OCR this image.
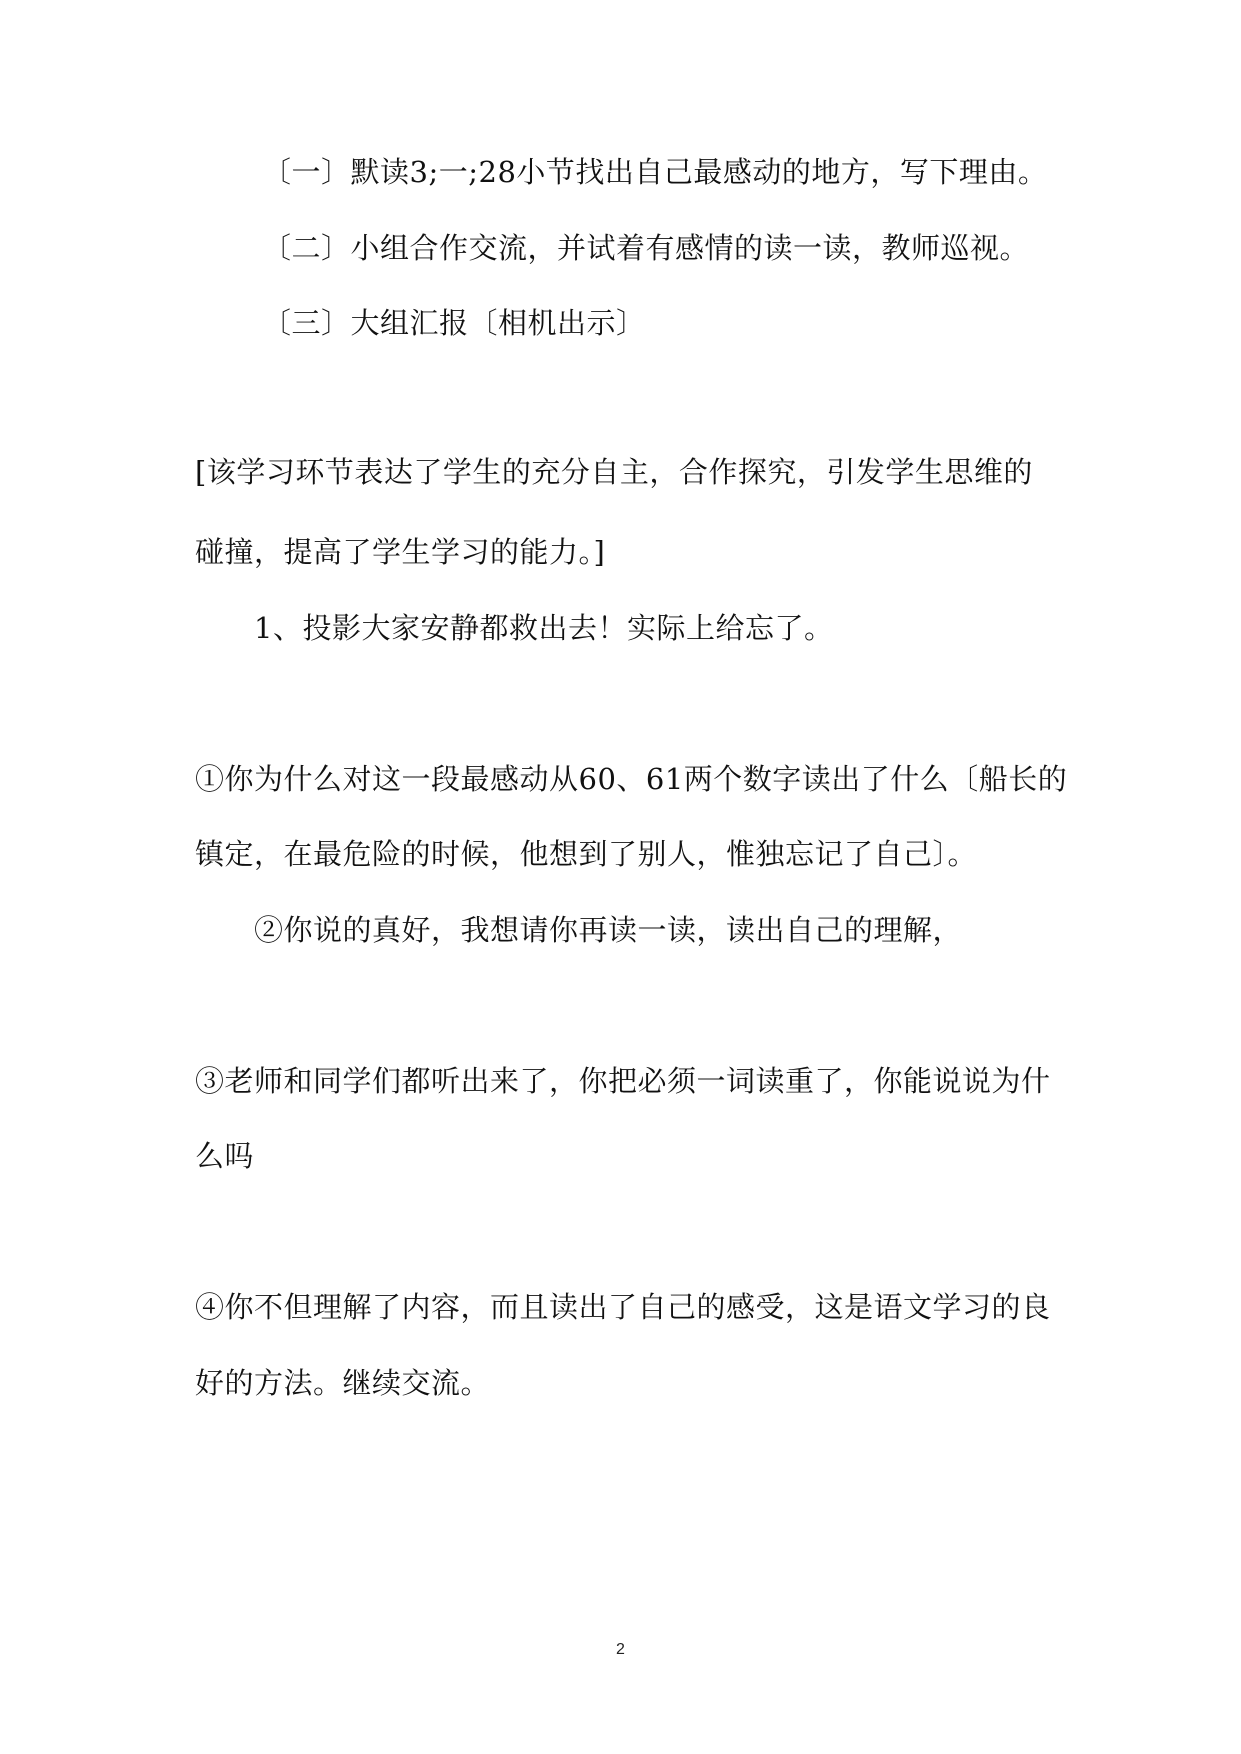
〔一〕默读3;一;28小节找出自己最感动的地方，写下理由。
〔二〕小组合作交流，并试着有感情的读一读，教师巡视。
〔三〕大组汇报〔相机出示〕
[该学习环节表达了学生的充分自主，合作探究，引发学生思维的
碰撞，提高了学生学习的能力。]
1、投影大家安静都救出去！实际上给忘了。
①你为什么对这一段最感动从60、61两个数字读出了什么〔船长的
镇定，在最危险的时候，他想到了别人，惟独忘记了自己〕。
②你说的真好，我想请你再读一读，读出自己的理解，
③老师和同学们都听出来了，你把必须一词读重了，你能说说为什
么吗
④你不但理解了内容，而且读出了自己的感受，这是语文学习的良
好的方法。继续交流。
2
